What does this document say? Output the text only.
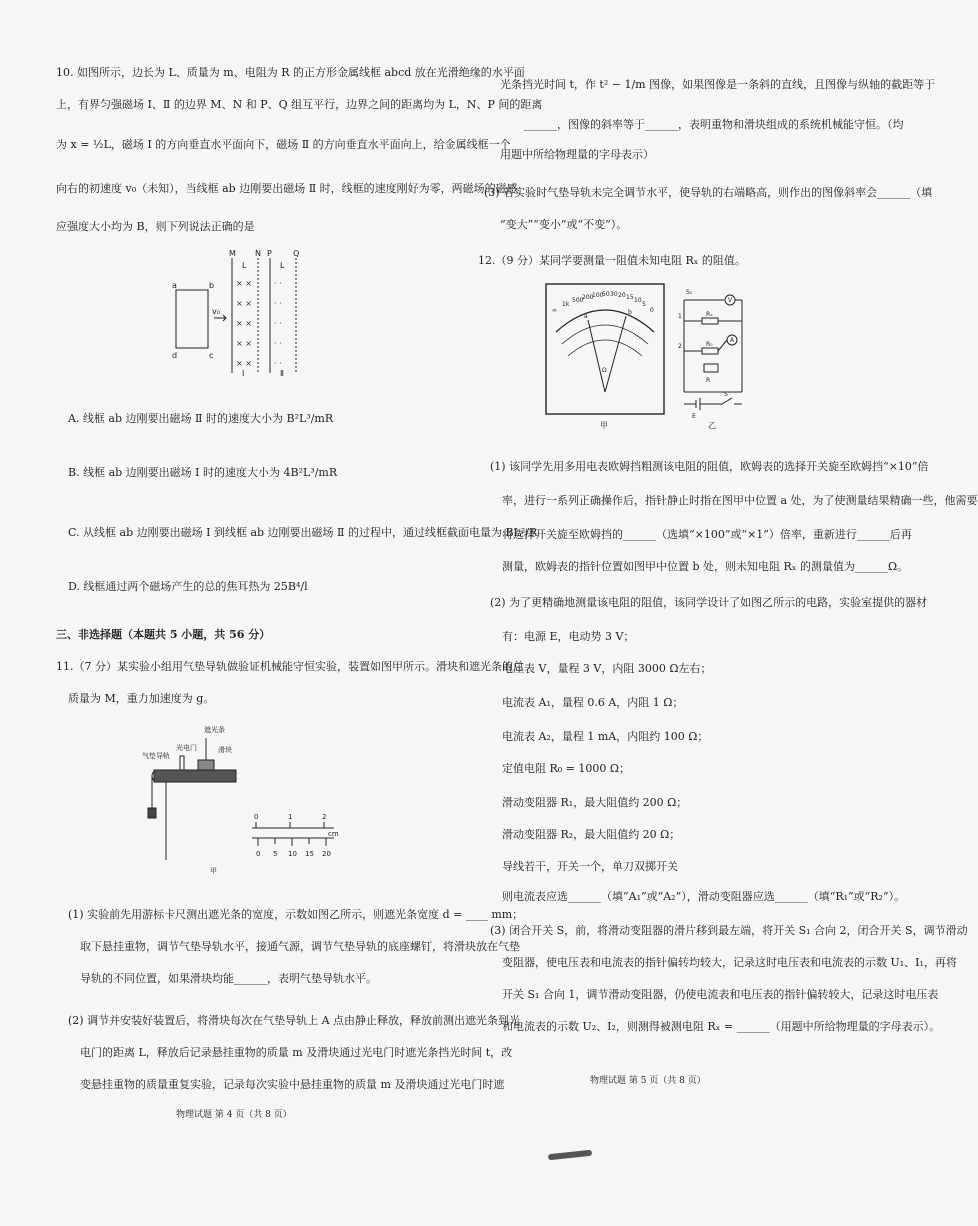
10. 如图所示，边长为 L、质量为 m、电阻为 R 的正方形金属线框 abcd 放在光滑绝缘的水平面
上，有界匀强磁场 Ⅰ、Ⅱ 的边界 M、N 和 P、Q 组互平行，边界之间的距离均为 L，N、P 间的距离
为 x = ½L，磁场 Ⅰ 的方向垂直水平面向下，磁场 Ⅱ 的方向垂直水平面向上，给金属线框一个
向右的初速度 v₀（未知），当线框 ab 边刚要出磁场 Ⅱ 时，线框的速度刚好为零，两磁场的磁感
应强度大小均为 B，则下列说法正确的是
a	b
d	c
v₀
M N P	Q
L	L
Ⅰ	Ⅱ
× ×
× ×
× ×
× ×
× ×
· ·
· ·
· ·
· ·
· ·
A. 线框 ab 边刚要出磁场 Ⅱ 时的速度大小为 B²L³/mR
B. 线框 ab 边刚要出磁场 Ⅰ 时的速度大小为 4B²L³/mR
C. 从线框 ab 边刚要出磁场 Ⅰ 到线框 ab 边刚要出磁场 Ⅱ 的过程中，通过线框截面电量为 BL²/R
D. 线框通过两个磁场产生的总的焦耳热为 25B⁴/l
三、非选择题（本题共 5 小题，共 56 分）
11.（7 分）某实验小组用气垫导轨做验证机械能守恒实验，装置如图甲所示。滑块和遮光条的总
质量为 M，重力加速度为 g。
遮光条
光电门	滑块
气垫导轨
甲
0	1	2
cm
0 5 10 15 20
(1) 实验前先用游标卡尺测出遮光条的宽度，示数如图乙所示，则遮光条宽度 d = ____ mm；
取下悬挂重物，调节气垫导轨水平，接通气源，调节气垫导轨的底座螺钉，将滑块放在气垫
导轨的不同位置，如果滑块均能______，表明气垫导轨水平。
(2) 调节并安装好装置后，将滑块每次在气垫导轨上 A 点由静止释放，释放前测出遮光条到光
电门的距离 L，释放后记录悬挂重物的质量 m 及滑块通过光电门时遮光条挡光时间 t，改
变悬挂重物的质量重复实验，记录每次实验中悬挂重物的质量 m 及滑块通过光电门时遮
物理试题 第 4 页（共 8 页）
光条挡光时间 t，作 t² − 1/m 图像，如果图像是一条斜的直线，且图像与纵轴的截距等于
______，图像的斜率等于______，表明重物和滑块组成的系统机械能守恒。（均
用题中所给物理量的字母表示）
(3) 若实验时气垫导轨未完全调节水平，使导轨的右端略高，则作出的图像斜率会______（填
“变大”“变小”或“不变”）。
12.（9 分）某同学要测量一阻值未知电阻 Rₓ 的阻值。
∞
1k
500
200
100
50 30 20 15 10
5
0
Ω
a
b
甲
S₁
V
A
Rₓ
R₀
R
S
E
1
2
乙
(1) 该同学先用多用电表欧姆挡粗测该电阻的阻值，欧姆表的选择开关旋至欧姆挡“×10”倍
率，进行一系列正确操作后，指针静止时指在图甲中位置 a 处，为了使测量结果精确一些，他需要
将选择开关旋至欧姆挡的______（选填“×100”或“×1”）倍率，重新进行______后再
测量，欧姆表的指针位置如图甲中位置 b 处，则未知电阻 Rₓ 的测量值为______Ω。
(2) 为了更精确地测量该电阻的阻值，该同学设计了如图乙所示的电路，实验室提供的器材
有：电源 E，电动势 3 V；
电压表 V，量程 3 V，内阻 3000 Ω左右；
电流表 A₁，量程 0.6 A，内阻 1 Ω；
电流表 A₂，量程 1 mA，内阻约 100 Ω；
定值电阻 R₀ = 1000 Ω；
滑动变阻器 R₁，最大阻值约 200 Ω；
滑动变阻器 R₂，最大阻值约 20 Ω；
导线若干，开关一个，单刀双掷开关
则电流表应选______（填“A₁”或“A₂”），滑动变阻器应选______（填“R₁”或“R₂”）。
(3) 闭合开关 S，前，将滑动变阻器的滑片移到最左端，将开关 S₁ 合向 2，闭合开关 S，调节滑动
变阻器，使电压表和电流表的指针偏转均较大，记录这时电压表和电流表的示数 U₁、I₁，再将
开关 S₁ 合向 1，调节滑动变阻器，仍使电流表和电压表的指针偏转较大，记录这时电压表
和电流表的示数 U₂、I₂，则测得被测电阻 Rₓ = ______（用题中所给物理量的字母表示）。
物理试题 第 5 页（共 8 页）
